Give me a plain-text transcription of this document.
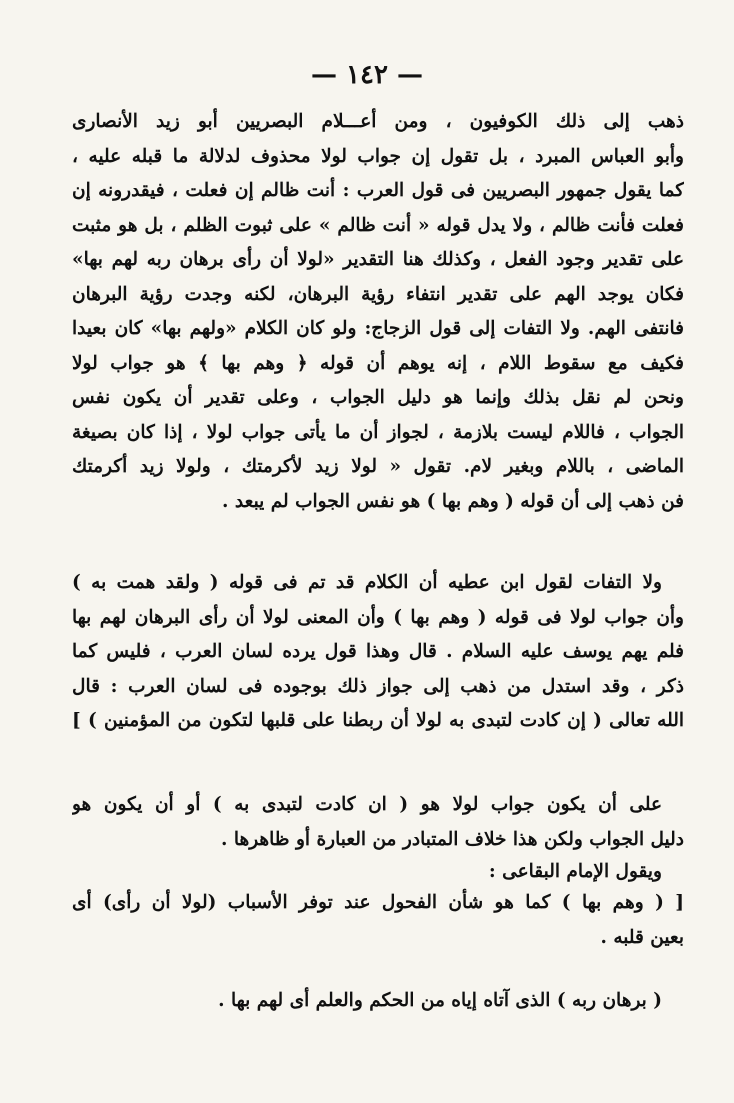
— ١٤٢ —
ذهب إلى ذلك الكوفيون ، ومن أعـــلام البصريين أبو زيد الأنصارى
وأبو العباس المبرد ، بل تقول إن جواب لولا محذوف لدلالة ما قبله عليه ،
كما يقول جمهور البصريين فى قول العرب : أنت ظالم إن فعلت ، فيقدرونه إن
فعلت فأنت ظالم ، ولا يدل قوله « أنت ظالم » على ثبوت الظلم ، بل هو مثبت
على تقدير وجود الفعل ، وكذلك هنا التقدير «لولا أن رأى برهان ربه لهم بها»
فكان يوجد الهم على تقدير انتفاء رؤية البرهان، لكنه وجدت رؤية البرهان
فانتفى الهم. ولا التفات إلى قول الزجاج: ولو كان الكلام «ولهم بها» كان بعيدا
فكيف مع سقوط اللام ، إنه يوهم أن قوله ﴿ وهم بها ﴾ هو جواب لولا
ونحن لم نقل بذلك وإنما هو دليل الجواب ، وعلى تقدير أن يكون نفس
الجواب ، فاللام ليست بلازمة ، لجواز أن ما يأتى جواب لولا ، إذا كان بصيغة
الماضى ، باللام وبغير لام. تقول « لولا زيد لأكرمتك ، ولولا زيد أكرمتك
فن ذهب إلى أن قوله ( وهم بها ) هو نفس الجواب لم يبعد .
ولا التفات لقول ابن عطيه أن الكلام قد تم فى قوله ( ولقد همت به )
وأن جواب لولا فى قوله ( وهم بها ) وأن المعنى لولا أن رأى البرهان لهم بها
فلم يهم يوسف عليه السلام . قال وهذا قول يرده لسان العرب ، فليس كما
ذكر ، وقد استدل من ذهب إلى جواز ذلك بوجوده فى لسان العرب : قال
الله تعالى ( إن كادت لتبدى به لولا أن ربطنا على قلبها لتكون من المؤمنين ) ]
على أن يكون جواب لولا هو ( ان كادت لتبدى به ) أو أن يكون هو
دليل الجواب ولكن هذا خلاف المتبادر من العبارة أو ظاهرها .
ويقول الإمام البقاعى :
[ ( وهم بها ) كما هو شأن الفحول عند توفر الأسباب (لولا أن رأى) أى
بعين قلبه .
( برهان ربه ) الذى آتاه إياه من الحكم والعلم أى لهم بها .
